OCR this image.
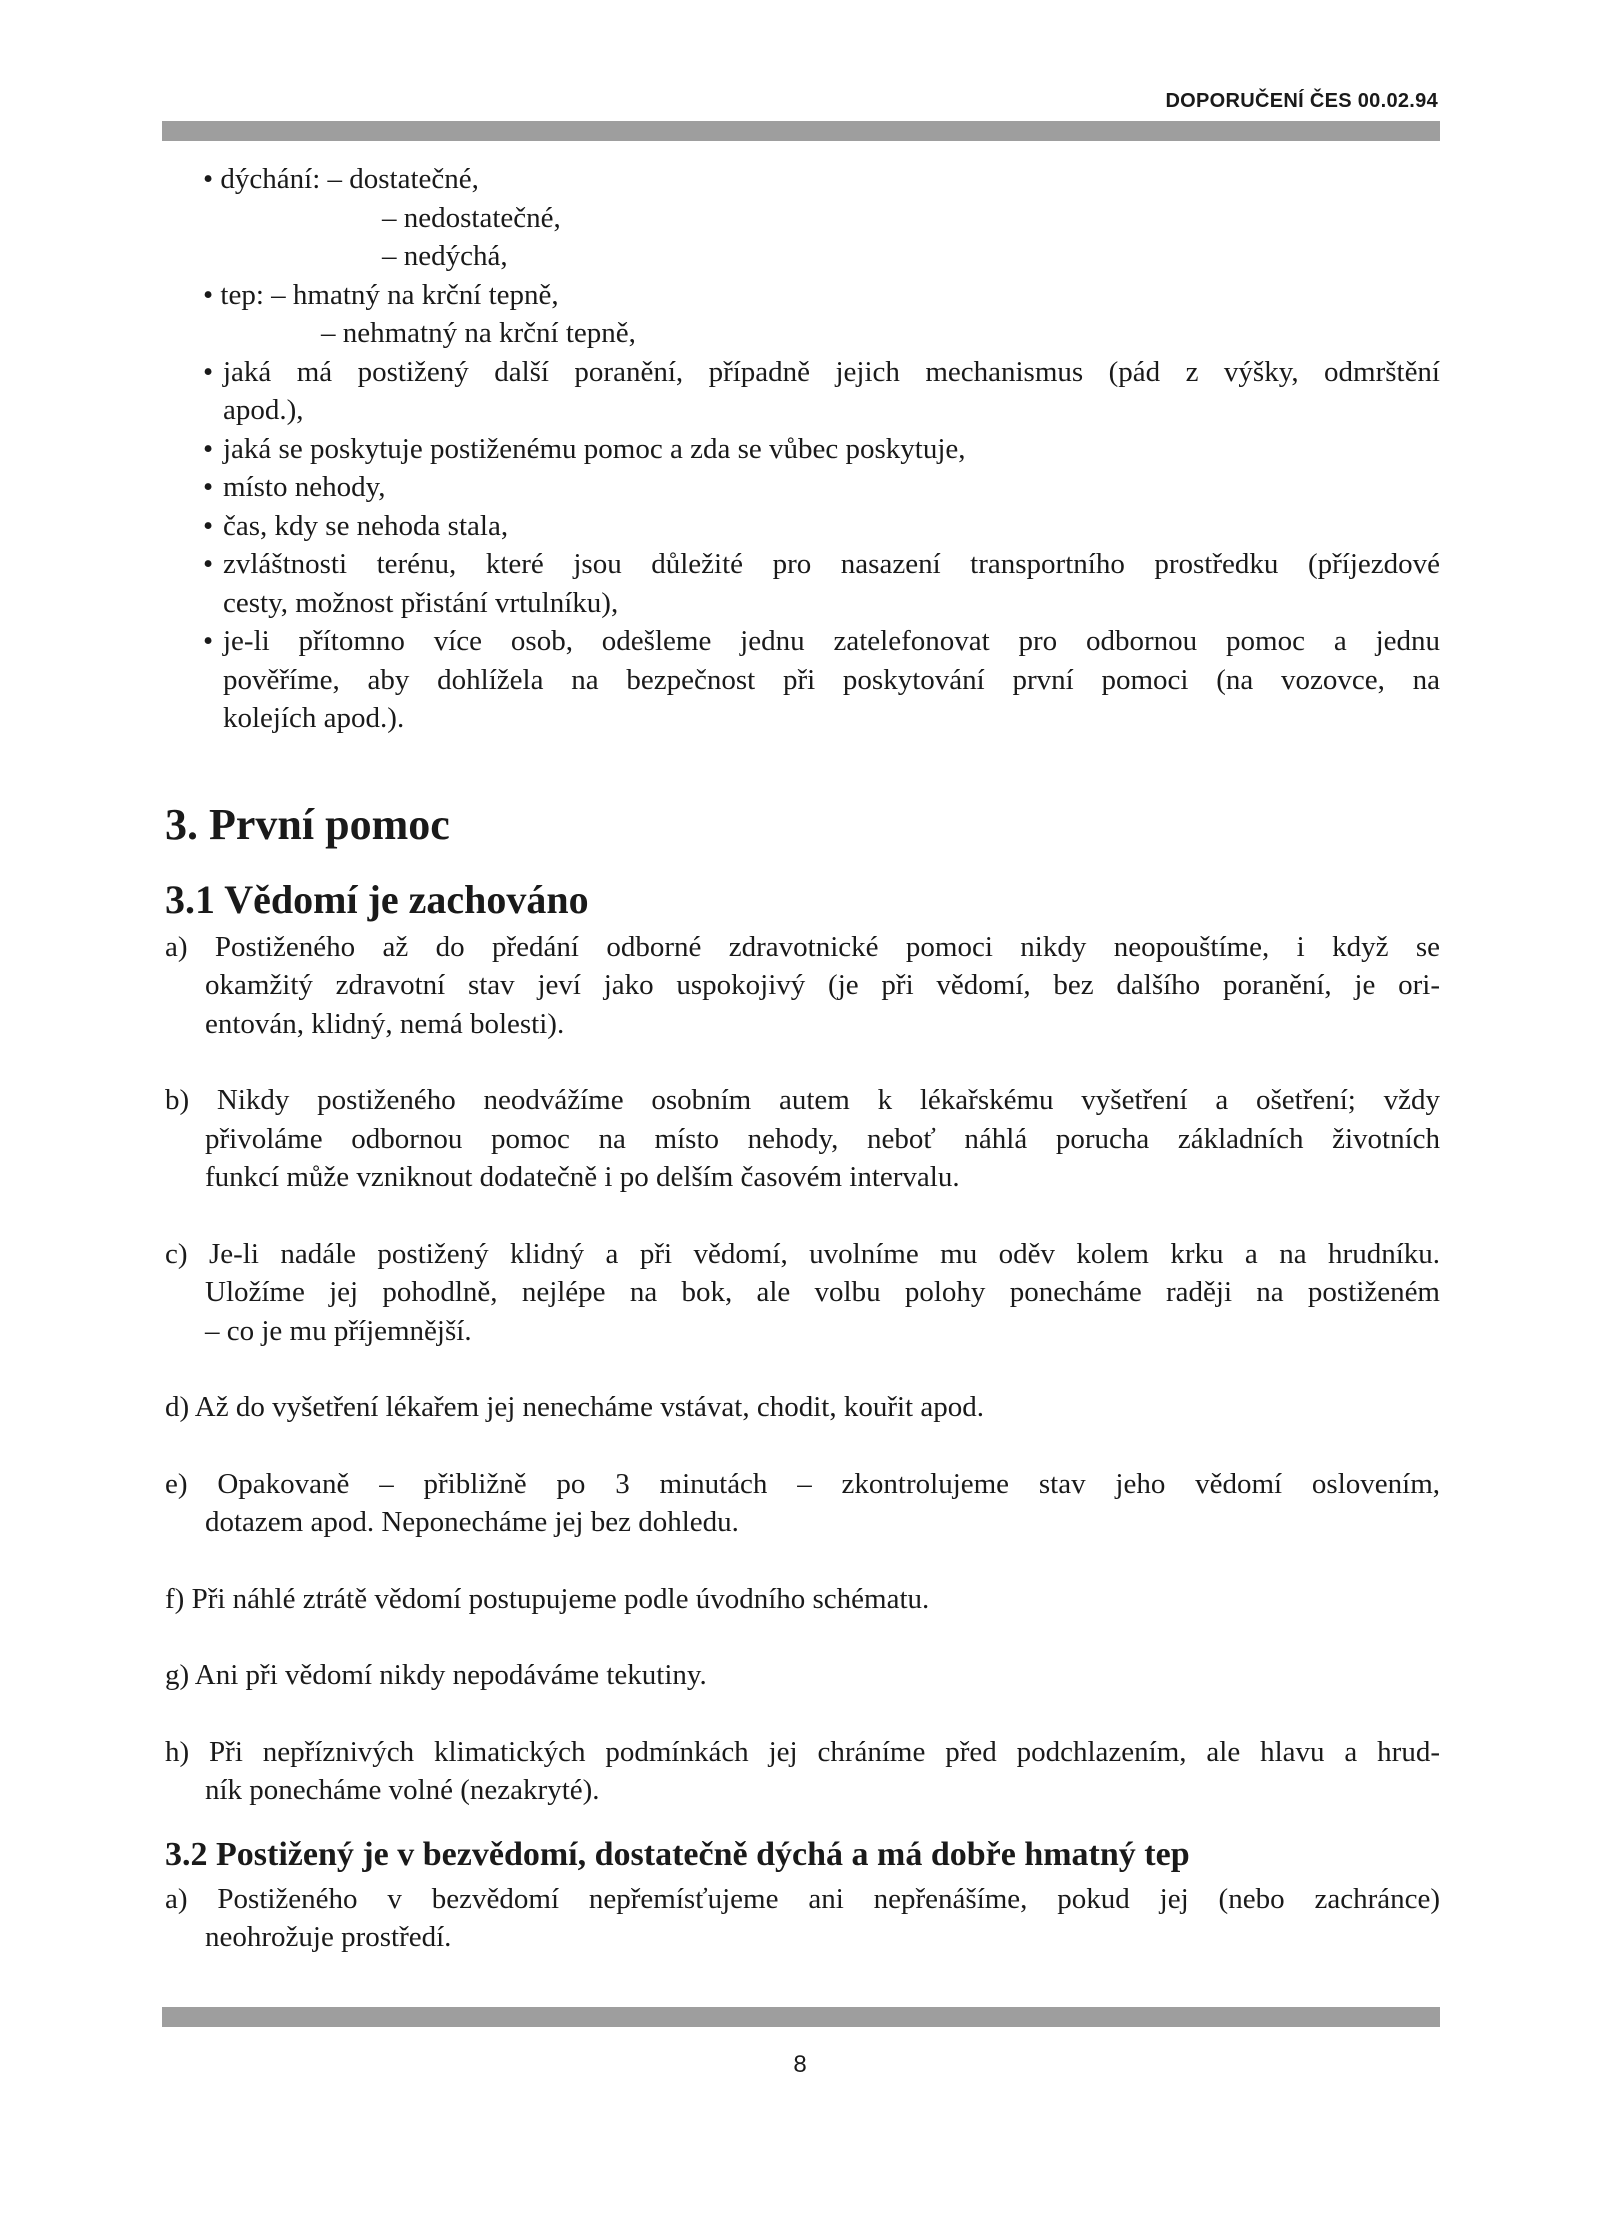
DOPORUČENÍ ČES 00.02.94
• dýchání: – dostatečné,
– nedostatečné,
– nedýchá,
• tep: – hmatný na krční tepně,
– nehmatný na krční tepně,
• jaká má postižený další poranění, případně jejich mechanismus (pád z výšky, odmrštění
apod.),
• jaká se poskytuje postiženému pomoc a zda se vůbec poskytuje,
• místo nehody,
• čas, kdy se nehoda stala,
• zvláštnosti terénu, které jsou důležité pro nasazení transportního prostředku (příjezdové
cesty, možnost přistání vrtulníku),
• je-li přítomno více osob, odešleme jednu zatelefonovat pro odbornou pomoc a jednu
pověříme, aby dohlížela na bezpečnost při poskytování první pomoci (na vozovce, na
kolejích apod.).
3. První pomoc
3.1 Vědomí je zachováno
a) Postiženého až do předání odborné zdravotnické pomoci nikdy neopouštíme, i když se
okamžitý zdravotní stav jeví jako uspokojivý (je při vědomí, bez dalšího poranění, je ori-
entován, klidný, nemá bolesti).
b) Nikdy postiženého neodvážíme osobním autem k lékařskému vyšetření a ošetření; vždy
přivoláme odbornou pomoc na místo nehody, neboť náhlá porucha základních životních
funkcí může vzniknout dodatečně i po delším časovém intervalu.
c) Je-li nadále postižený klidný a při vědomí, uvolníme mu oděv kolem krku a na hrudníku.
Uložíme jej pohodlně, nejlépe na bok, ale volbu polohy ponecháme raději na postiženém
– co je mu příjemnější.
d) Až do vyšetření lékařem jej nenecháme vstávat, chodit, kouřit apod.
e) Opakovaně – přibližně po 3 minutách – zkontrolujeme stav jeho vědomí oslovením,
dotazem apod. Neponecháme jej bez dohledu.
f) Při náhlé ztrátě vědomí postupujeme podle úvodního schématu.
g) Ani při vědomí nikdy nepodáváme tekutiny.
h) Při nepříznivých klimatických podmínkách jej chráníme před podchlazením, ale hlavu a hrud-
ník ponecháme volné (nezakryté).
3.2 Postižený je v bezvědomí, dostatečně dýchá a má dobře hmatný tep
a) Postiženého v bezvědomí nepřemísťujeme ani nepřenášíme, pokud jej (nebo zachránce)
neohrožuje prostředí.
8
